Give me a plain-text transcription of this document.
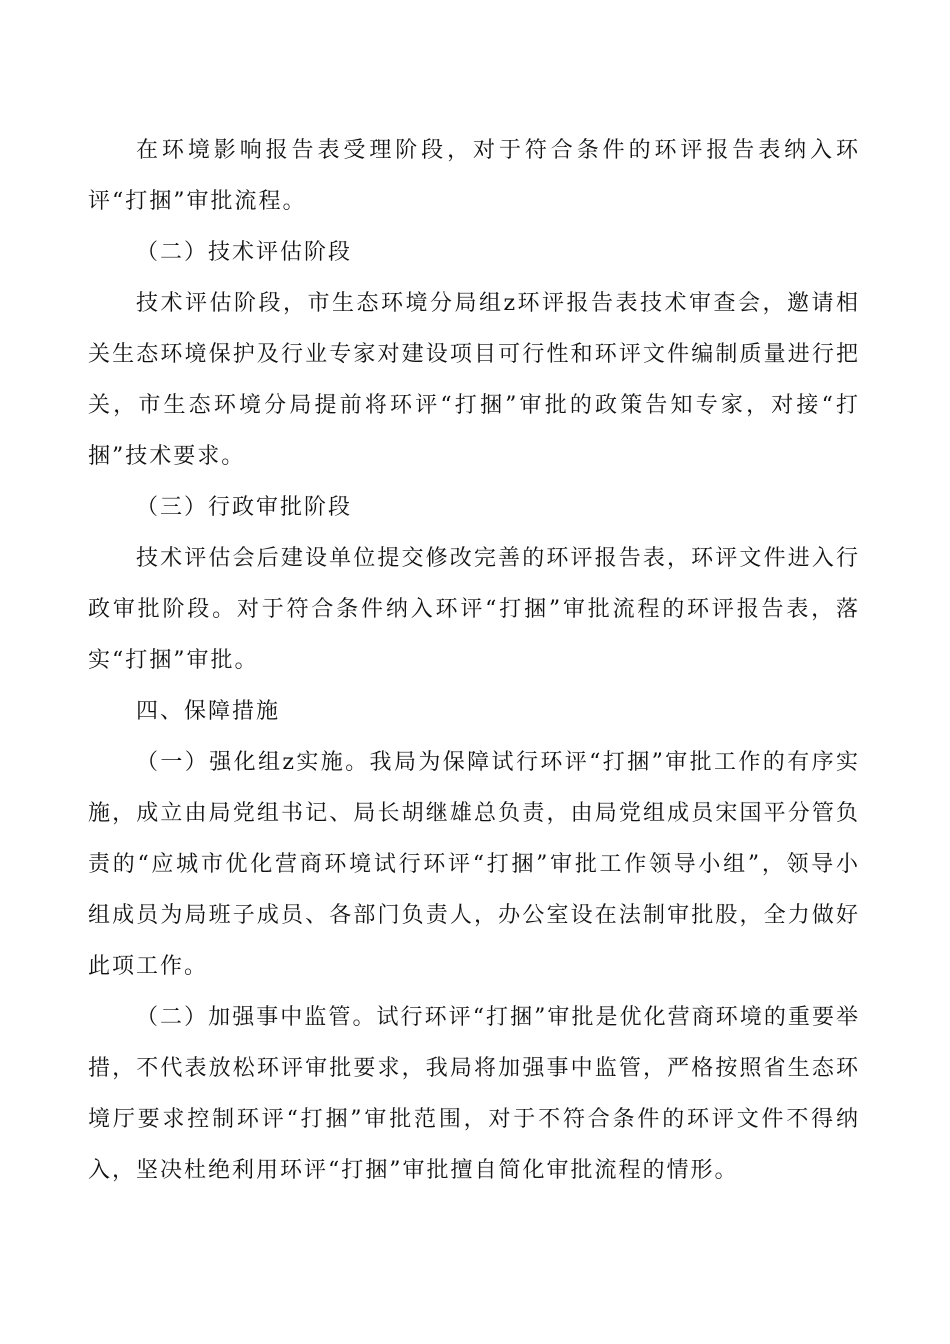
在环境影响报告表受理阶段，对于符合条件的环评报告表纳入环评“打捆”审批流程。

（二）技术评估阶段

技术评估阶段，市生态环境分局组z环评报告表技术审查会，邀请相关生态环境保护及行业专家对建设项目可行性和环评文件编制质量进行把关，市生态环境分局提前将环评“打捆”审批的政策告知专家，对接“打捆”技术要求。

（三）行政审批阶段

技术评估会后建设单位提交修改完善的环评报告表，环评文件进入行政审批阶段。对于符合条件纳入环评“打捆”审批流程的环评报告表，落实“打捆”审批。

四、保障措施

（一）强化组z实施。我局为保障试行环评“打捆”审批工作的有序实施，成立由局党组书记、局长胡继雄总负责，由局党组成员宋国平分管负责的“应城市优化营商环境试行环评“打捆”审批工作领导小组”，领导小组成员为局班子成员、各部门负责人，办公室设在法制审批股，全力做好此项工作。

（二）加强事中监管。试行环评“打捆”审批是优化营商环境的重要举措，不代表放松环评审批要求，我局将加强事中监管，严格按照省生态环境厅要求控制环评“打捆”审批范围，对于不符合条件的环评文件不得纳入，坚决杜绝利用环评“打捆”审批擅自简化审批流程的情形。
